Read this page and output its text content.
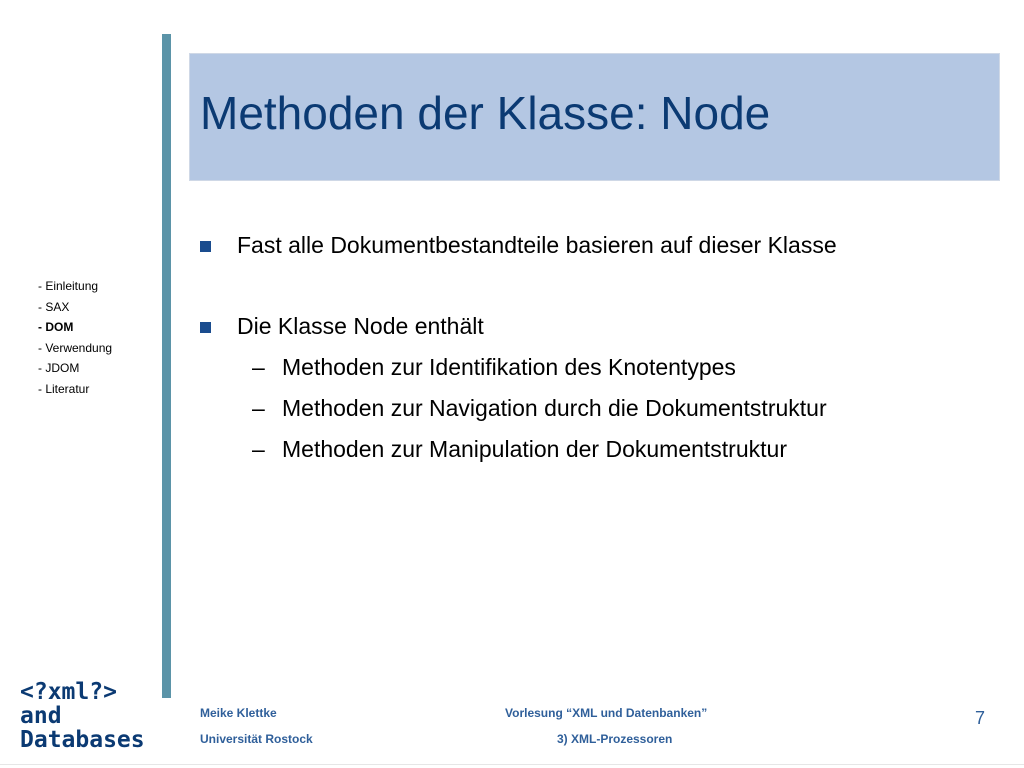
Methoden der Klasse: Node
- Einleitung
- SAX
- DOM
- Verwendung
- JDOM
- Literatur
Fast alle Dokumentbestandteile basieren auf dieser Klasse
Die Klasse Node enthält
– Methoden zur Identifikation des Knotentypes
– Methoden zur Navigation durch die Dokumentstruktur
– Methoden zur Manipulation der Dokumentstruktur
<?xml?>
and
Databases
Meike Klettke
Universität Rostock
Vorlesung “XML und Datenbanken”
3) XML-Prozessoren
7
